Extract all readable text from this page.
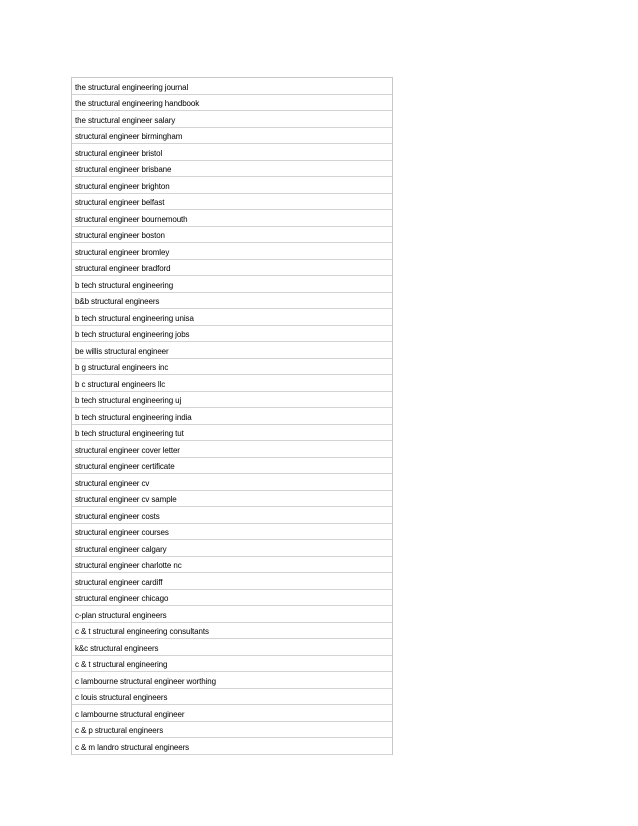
the structural engineering journal
the structural engineering handbook
the structural engineer salary
structural engineer birmingham
structural engineer bristol
structural engineer brisbane
structural engineer brighton
structural engineer belfast
structural engineer bournemouth
structural engineer boston
structural engineer bromley
structural engineer bradford
b tech structural engineering
b&b structural engineers
b tech structural engineering unisa
b tech structural engineering jobs
be willis structural engineer
b g structural engineers inc
b c structural engineers llc
b tech structural engineering uj
b tech structural engineering india
b tech structural engineering tut
structural engineer cover letter
structural engineer certificate
structural engineer cv
structural engineer cv sample
structural engineer costs
structural engineer courses
structural engineer calgary
structural engineer charlotte nc
structural engineer cardiff
structural engineer chicago
c-plan structural engineers
c & t structural engineering consultants
k&c structural engineers
c & t structural engineering
c lambourne structural engineer worthing
c louis structural engineers
c lambourne structural engineer
c & p structural engineers
c & m landro structural engineers
